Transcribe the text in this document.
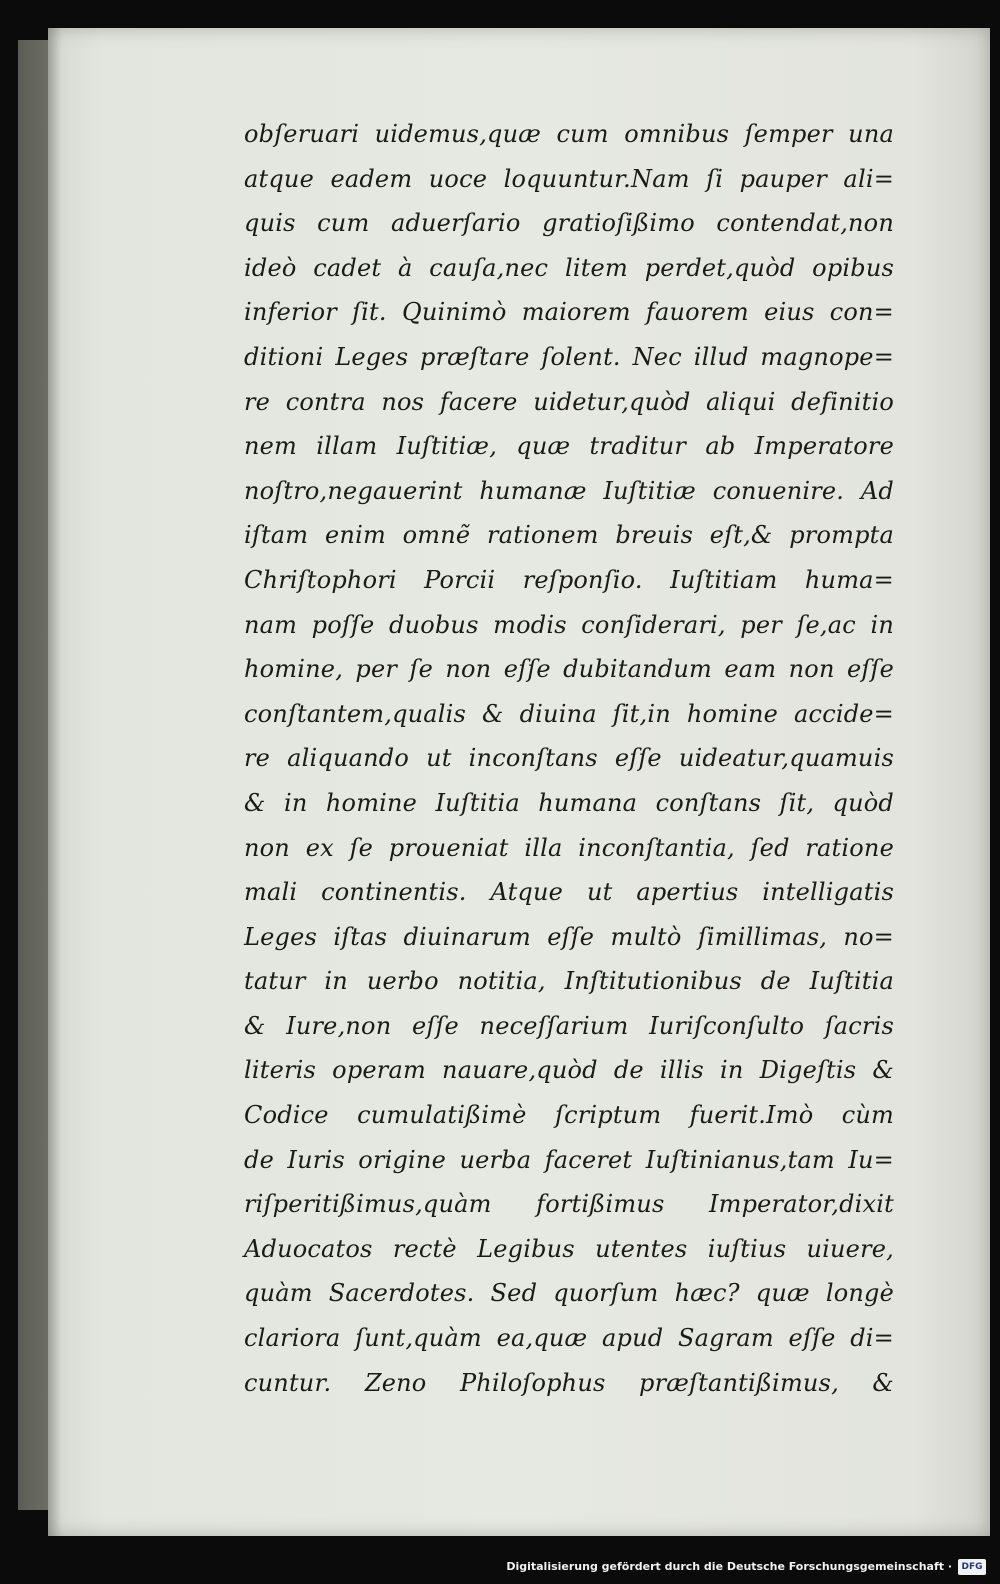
obſeruari uidemus,quæ cum omnibus ſemper una
atque eadem uoce loquuntur.Nam ſi pauper ali=
quis cum aduerſario gratioſißimo contendat,non
ideò cadet à cauſa,nec litem perdet,quòd opibus
inferior ſit. Quinimò maiorem fauorem eius con=
ditioni Leges præſtare ſolent. Nec illud magnope=
re contra nos facere uidetur,quòd aliqui definitio
nem illam Iuſtitiæ, quæ traditur ab Imperatore
noſtro,negauerint humanæ Iuſtitiæ conuenire. Ad
iſtam enim omnẽ rationem breuis eſt,& prompta
Chriſtophori Porcii reſponſio. Iuſtitiam huma=
nam poſſe duobus modis conſiderari, per ſe,ac in
homine, per ſe non eſſe dubitandum eam non eſſe
conſtantem,qualis & diuina ſit,in homine accide=
re aliquando ut inconſtans eſſe uideatur,quamuis
& in homine Iuſtitia humana conſtans ſit, quòd
non ex ſe proueniat illa inconſtantia, ſed ratione
mali continentis. Atque ut apertius intelligatis
Leges iſtas diuinarum eſſe multò ſimillimas, no=
tatur in uerbo notitia, Inſtitutionibus de Iuſtitia
& Iure,non eſſe neceſſarium Iuriſconſulto ſacris
literis operam nauare,quòd de illis in Digeſtis &
Codice cumulatißimè ſcriptum fuerit.Imò cùm
de Iuris origine uerba faceret Iuſtinianus,tam Iu=
riſperitißimus,quàm fortißimus Imperator,dixit
Aduocatos rectè Legibus utentes iuſtius uiuere,
quàm Sacerdotes. Sed quorſum hæc? quæ longè
clariora ſunt,quàm ea,quæ apud Sagram eſſe di=
cuntur. Zeno Philoſophus præſtantißimus, &
Digitalisierung gefördert durch die Deutsche Forschungsgemeinschaft ·	DFG
